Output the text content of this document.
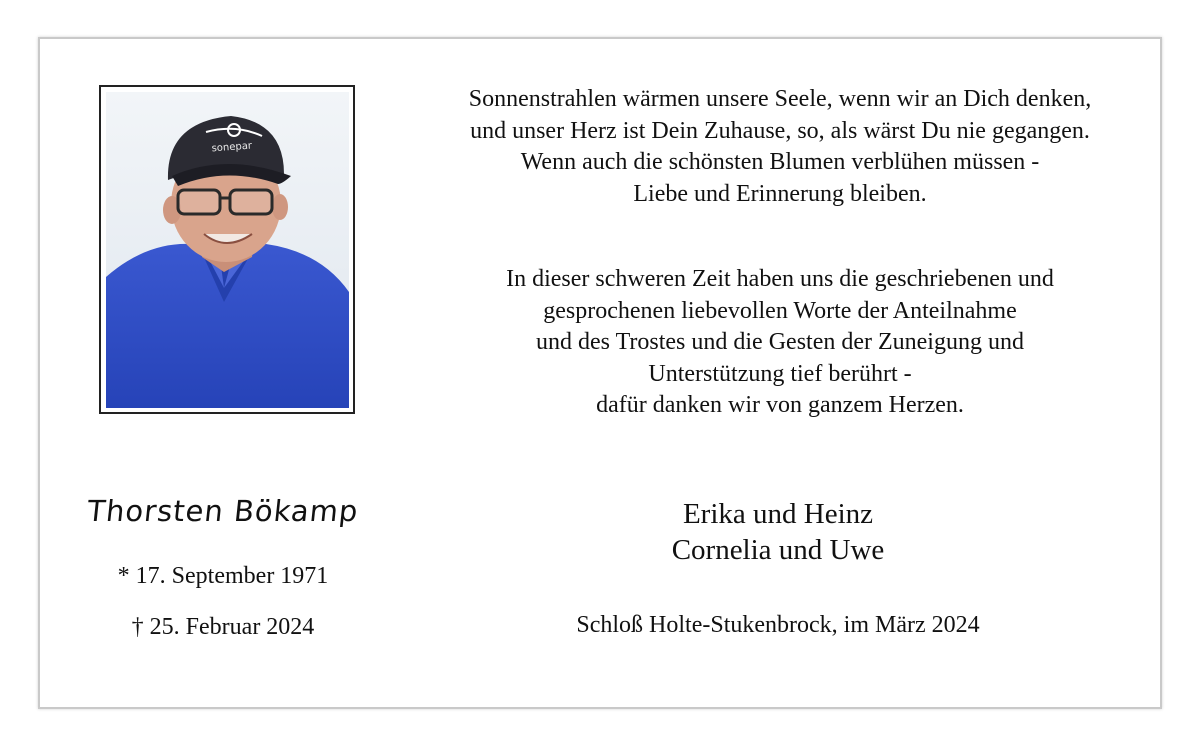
sonepar

Sonnenstrahlen wärmen unsere Seele, wenn wir an Dich denken,

und unser Herz ist Dein Zuhause, so, als wärst Du nie gegangen.

Wenn auch die schönsten Blumen verblühen müssen -

Liebe und Erinnerung bleiben.

In dieser schweren Zeit haben uns die geschriebenen und

gesprochenen liebevollen Worte der Anteilnahme

und des Trostes und die Gesten der Zuneigung und

Unterstützung tief berührt -

dafür danken wir von ganzem Herzen.

Thorsten Bökamp
* 17. September 1971
† 25. Februar 2024
Erika und Heinz
Cornelia und Uwe
Schloß Holte-Stukenbrock, im März 2024
